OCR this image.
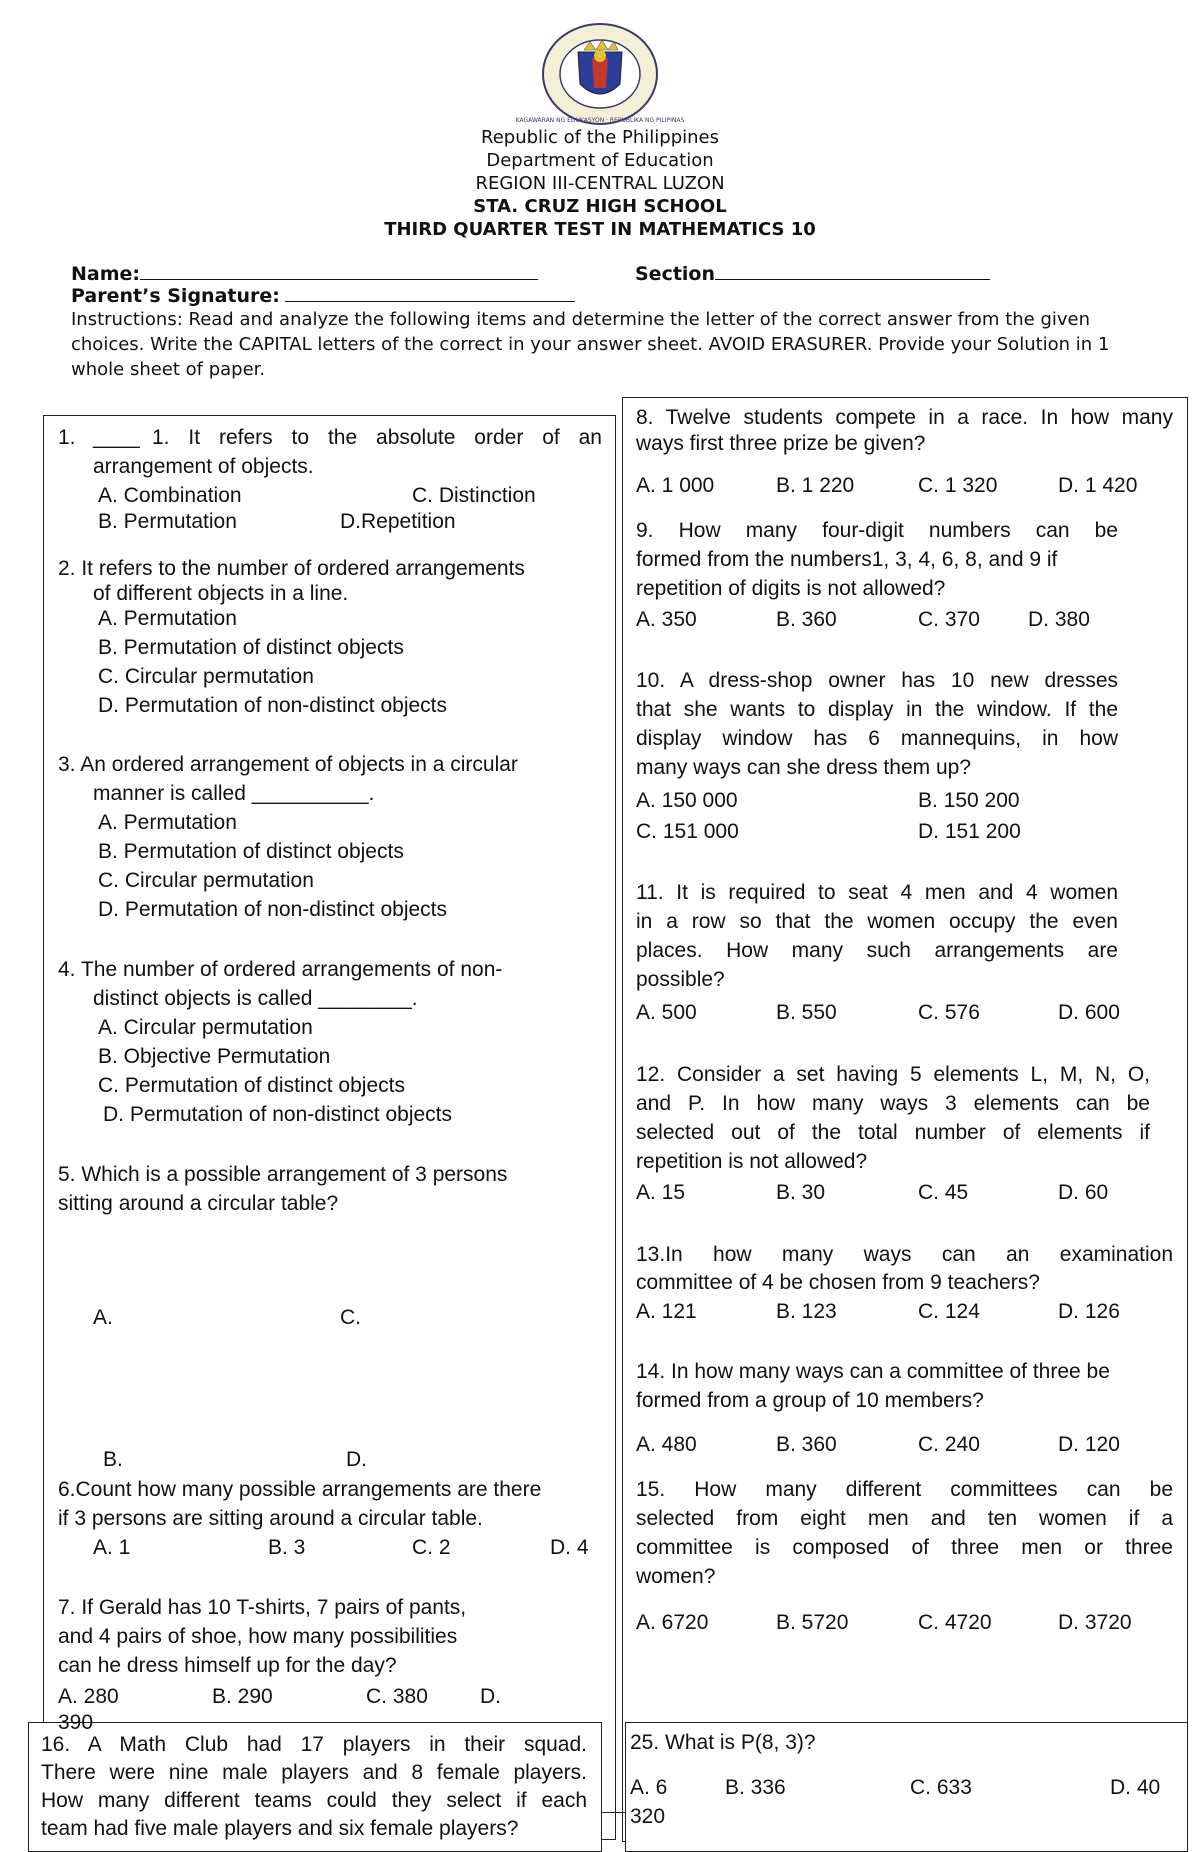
KAGAWARAN NG EDUKASYON · REPUBLIKA NG PILIPINAS
Republic of the Philippines
Department of Education
REGION III-CENTRAL LUZON
STA. CRUZ HIGH SCHOOL
THIRD QUARTER TEST IN MATHEMATICS 10
Name:	Section
Parent’s Signature:
Instructions: Read and analyze the following items and determine the letter of the correct answer from the given choices. Write the CAPITAL letters of the correct in your answer sheet. AVOID ERASURER. Provide your Solution in 1 whole sheet of paper.
1. ____ 1. It refers to the absolute order of an
arrangement of objects.
A. Combination	C. Distinction
B. Permutation	D.Repetition
2. It refers to the number of ordered arrangements
of different objects in a line.
A. Permutation
B. Permutation of distinct objects
C. Circular permutation
D. Permutation of non-distinct objects
3. An ordered arrangement of objects in a circular
manner is called __________.
A. Permutation
B. Permutation of distinct objects
C. Circular permutation
D. Permutation of non-distinct objects
4. The number of ordered arrangements of non-
distinct objects is called ________.
A. Circular permutation
B. Objective Permutation
C. Permutation of distinct objects
D. Permutation of non-distinct objects
5. Which is a possible arrangement of 3 persons
sitting around a circular table?
A.	C.
B.	D.
6.Count how many possible arrangements are there
if 3 persons are sitting around a circular table.
A. 1	B. 3	C. 2	D. 4
7. If Gerald has 10 T-shirts, 7 pairs of pants,
and 4 pairs of shoe, how many possibilities
can he dress himself up for the day?
A. 280	B. 290	C. 380 D.
390
8. Twelve students compete in a race. In how many
ways first three prize be given?
A. 1 000	B. 1 220	C. 1 320	D. 1 420
9. How many four-digit numbers can be
formed from the numbers1, 3, 4, 6, 8, and 9 if
repetition of digits is not allowed?
A. 350	B. 360	C. 370 D. 380
10. A dress-shop owner has 10 new dresses
that she wants to display in the window. If the
display window has 6 mannequins, in how
many ways can she dress them up?
A. 150 000	B. 150 200
C. 151 000	D. 151 200
11. It is required to seat 4 men and 4 women
in a row so that the women occupy the even
places. How many such arrangements are
possible?
A. 500	B. 550	C. 576	D. 600
12. Consider a set having 5 elements L, M, N, O,
and P. In how many ways 3 elements can be
selected out of the total number of elements if
repetition is not allowed?
A. 15	B. 30	C. 45	D. 60
13.In how many ways can an examination
committee of 4 be chosen from 9 teachers?
A. 121	B. 123	C. 124	D. 126
14. In how many ways can a committee of three be
formed from a group of 10 members?
A. 480	B. 360	C. 240	D. 120
15. How many different committees can be
selected from eight men and ten women if a
committee is composed of three men or three
women?
A. 6720	B. 5720	C. 4720	D. 3720
16. A Math Club had 17 players in their squad.
There were nine male players and 8 female players.
How many different teams could they select if each
team had five male players and six female players?
25. What is P(8, 3)?
A. 6	B. 336	C. 633	D. 40
320
